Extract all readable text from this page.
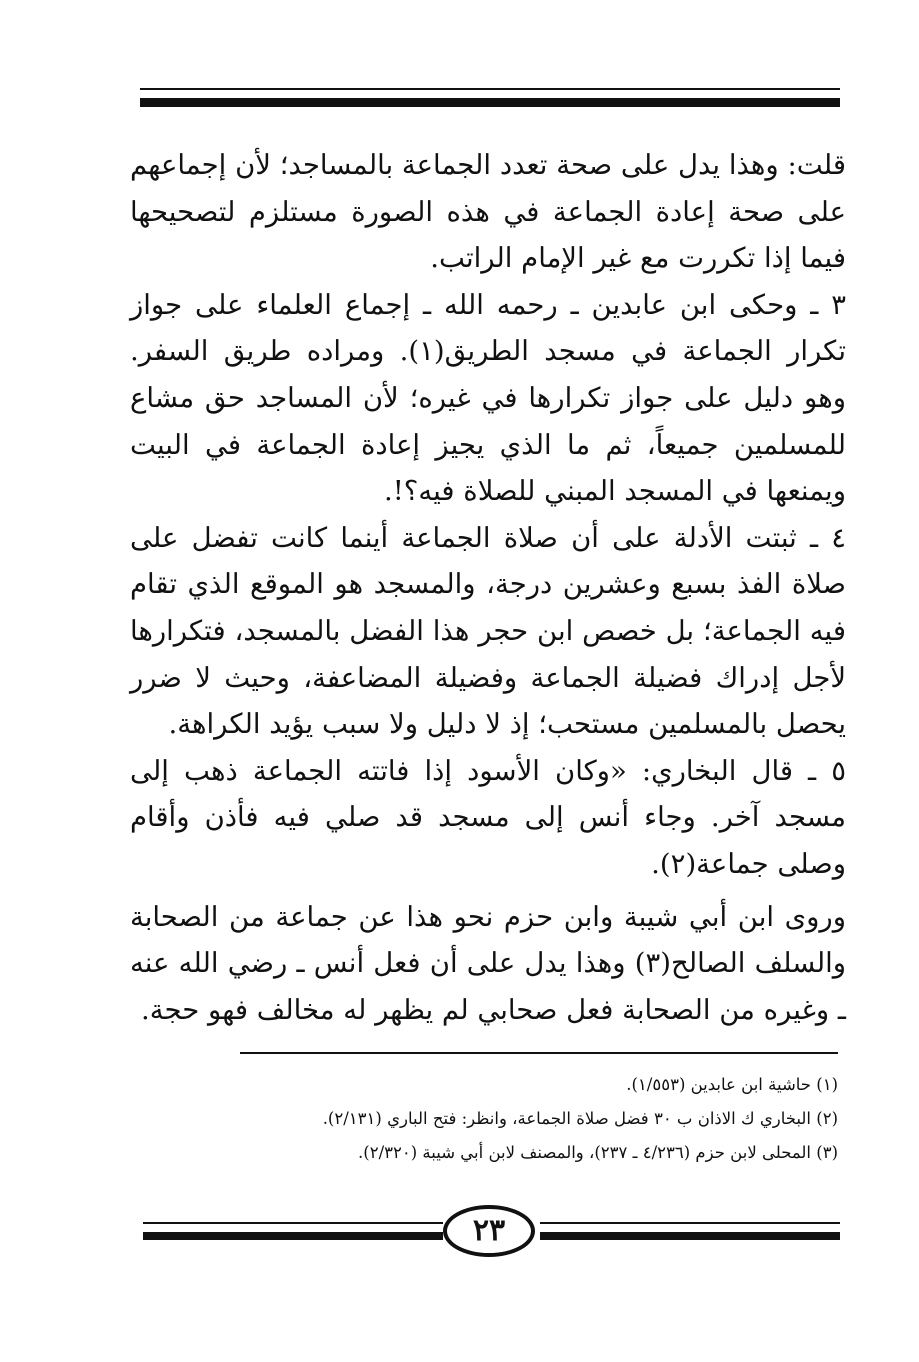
قلت: وهذا يدل على صحة تعدد الجماعة بالمساجد؛ لأن إجماعهم على صحة إعادة الجماعة في هذه الصورة مستلزم لتصحيحها فيما إذا تكررت مع غير الإمام الراتب.

٣ ـ وحكى ابن عابدين ـ رحمه الله ـ إجماع العلماء على جواز تكرار الجماعة في مسجد الطريق(١). ومراده طريق السفر. وهو دليل على جواز تكرارها في غيره؛ لأن المساجد حق مشاع للمسلمين جميعاً، ثم ما الذي يجيز إعادة الجماعة في البيت ويمنعها في المسجد المبني للصلاة فيه؟!.

٤ ـ ثبتت الأدلة على أن صلاة الجماعة أينما كانت تفضل على صلاة الفذ بسبع وعشرين درجة، والمسجد هو الموقع الذي تقام فيه الجماعة؛ بل خصص ابن حجر هذا الفضل بالمسجد، فتكرارها لأجل إدراك فضيلة الجماعة وفضيلة المضاعفة، وحيث لا ضرر يحصل بالمسلمين مستحب؛ إذ لا دليل ولا سبب يؤيد الكراهة.

٥ ـ قال البخاري: «وكان الأسود إذا فاتته الجماعة ذهب إلى مسجد آخر. وجاء أنس إلى مسجد قد صلي فيه فأذن وأقام وصلى جماعة(٢).

وروى ابن أبي شيبة وابن حزم نحو هذا عن جماعة من الصحابة والسلف الصالح(٣) وهذا يدل على أن فعل أنس ـ رضي الله عنه ـ وغيره من الصحابة فعل صحابي لم يظهر له مخالف فهو حجة.

(١) حاشية ابن عابدين (١/٥٥٣).

(٢) البخاري ك الاذان ب ٣٠ فضل صلاة الجماعة، وانظر: فتح الباري (٢/١٣١).

(٣) المحلى لابن حزم (٤/٢٣٦ ـ ٢٣٧)، والمصنف لابن أبي شيبة (٢/٣٢٠).

٢٣
